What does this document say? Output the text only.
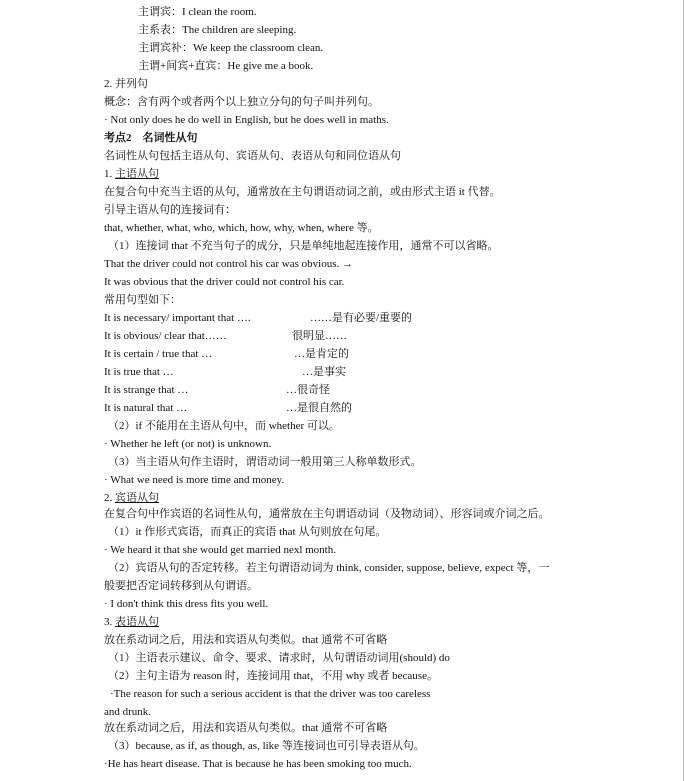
主谓宾：I clean the room.
主系表：The children are sleeping.
主谓宾补：We keep the classroom clean.
主谓+间宾+直宾：He give me a book.
2. 并列句
概念：含有两个或者两个以上独立分句的句子叫并列句。
· Not only does he do well in English, but he does well in maths.
考点2　名词性从句
名词性从句包括主语从句、宾语从句、表语从句和同位语从句
1. 主语从句
在复合句中充当主语的从句，通常放在主句谓语动词之前，或由形式主语 it 代替。
引导主语从句的连接词有：
that, whether, what, who, which, how, why, when, where 等。
（1）连接词 that 不充当句子的成分，只是单纯地起连接作用，通常不可以省略。
That the driver could not control his car was obvious. →
It was obvious that the driver could not control his car.
常用句型如下：
It is necessary/ important that ….	……是有必要/重要的
It is obvious/ clear that……	很明显……
It is certain / true that …	…是肯定的
It is true that …	…是事实
It is strange that …	…很奇怪
It is natural that …	…是很自然的
（2）if 不能用在主语从句中，而 whether 可以。
· Whether he left (or not) is unknown.
（3）当主语从句作主语时，谓语动词一般用第三人称单数形式。
· What we need is more time and money.
2. 宾语从句
在复合句中作宾语的名词性从句，通常放在主句谓语动词（及物动词）、形容词或介词之后。
（1）it 作形式宾语，而真正的宾语 that 从句则放在句尾。
· We heard it that she would get married nexl month.
（2）宾语从句的否定转移。若主句谓语动词为 think, consider, suppose, believe, expect 等，一
般要把否定词转移到从句谓语。
· I don't think this dress fits you well.
3. 表语从句
放在系动词之后，用法和宾语从句类似。that 通常不可省略
（1）主语表示建议、命令、要求、请求时，从句谓语动词用(should) do
（2）主句主语为 reason 时，连接词用 that，不用 why 或者 because。
·The reason for such a serious accident is that the driver was too careless
and drunk.
放在系动词之后，用法和宾语从句类似。that 通常不可省略
（3）because, as if, as though, as, like 等连接词也可引导表语从句。
·He has heart disease. That is because he has been smoking too much.
